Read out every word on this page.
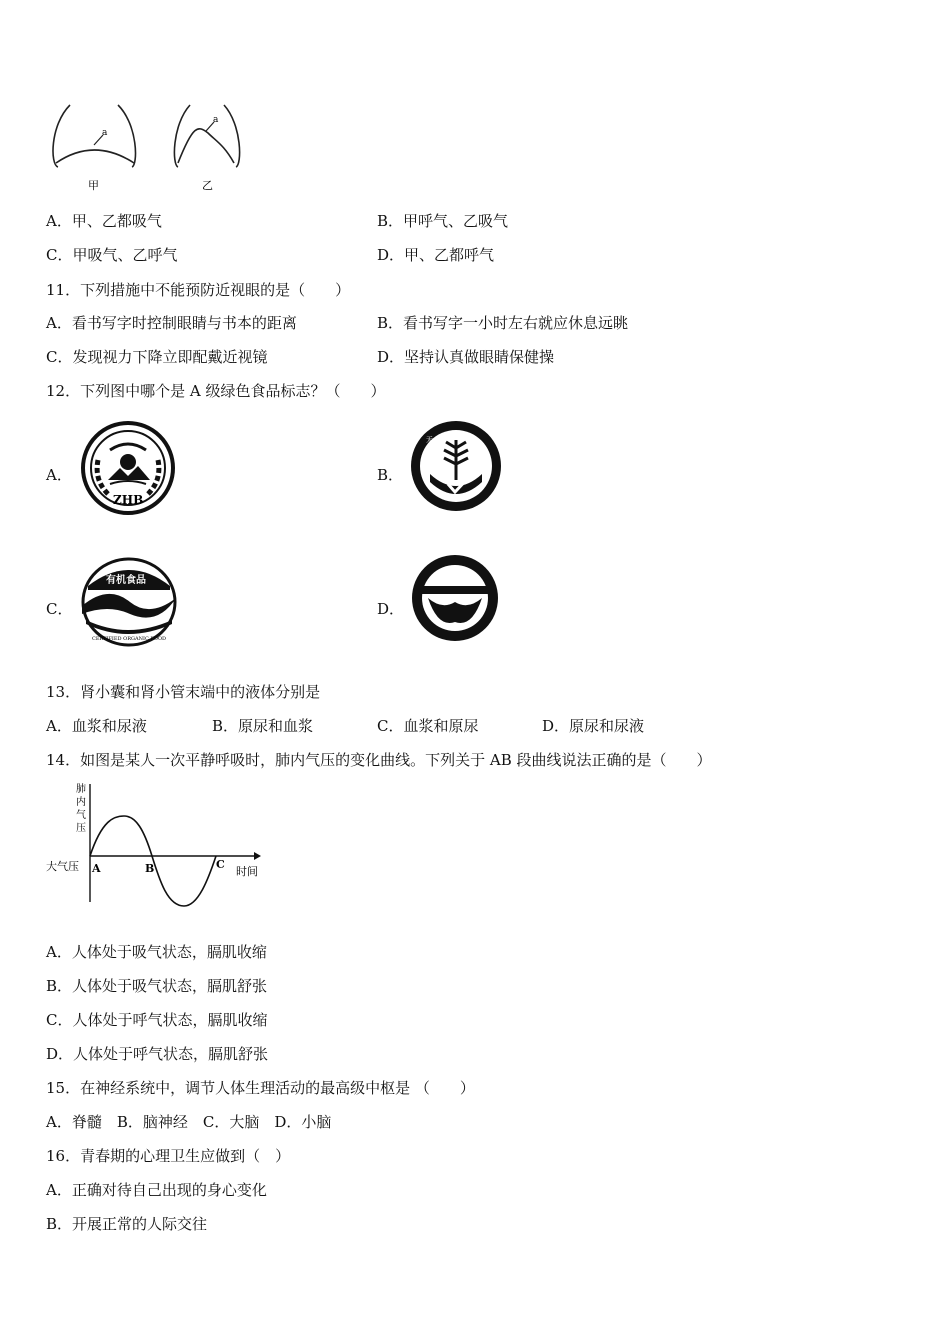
a
甲
a
乙
A．甲、乙都吸气	B．甲呼气、乙吸气
C．甲吸气、乙呼气	D．甲、乙都呼气
11．下列措施中不能预防近视眼的是（　　）
A．看书写字时控制眼睛与书本的距离	B．看书写字一小时左右就应休息远眺
C．发现视力下降立即配戴近视镜	D．坚持认真做眼睛保健操
12．下列图中哪个是 A 级绿色食品标志？（　　）
A．
ZHB
B．
无公害农产品
C．
有机食品
CERTIFIED ORGANIC FOOD
D．
13．肾小囊和肾小管末端中的液体分别是
A．血浆和尿液	B．原尿和血浆	C．血浆和原尿	D．原尿和尿液
14．如图是某人一次平静呼吸时，肺内气压的变化曲线。下列关于 AB 段曲线说法正确的是（　　）
肺
内
气
压
大气压	时间
A	B	C
A．人体处于吸气状态，膈肌收缩
B．人体处于吸气状态，膈肌舒张
C．人体处于呼气状态，膈肌收缩
D．人体处于呼气状态，膈肌舒张
15．在神经系统中，调节人体生理活动的最高级中枢是 （　　）
A．脊髓　B．脑神经　C．大脑　D．小脑
16．青春期的心理卫生应做到（　）
A．正确对待自己出现的身心变化
B．开展正常的人际交往
